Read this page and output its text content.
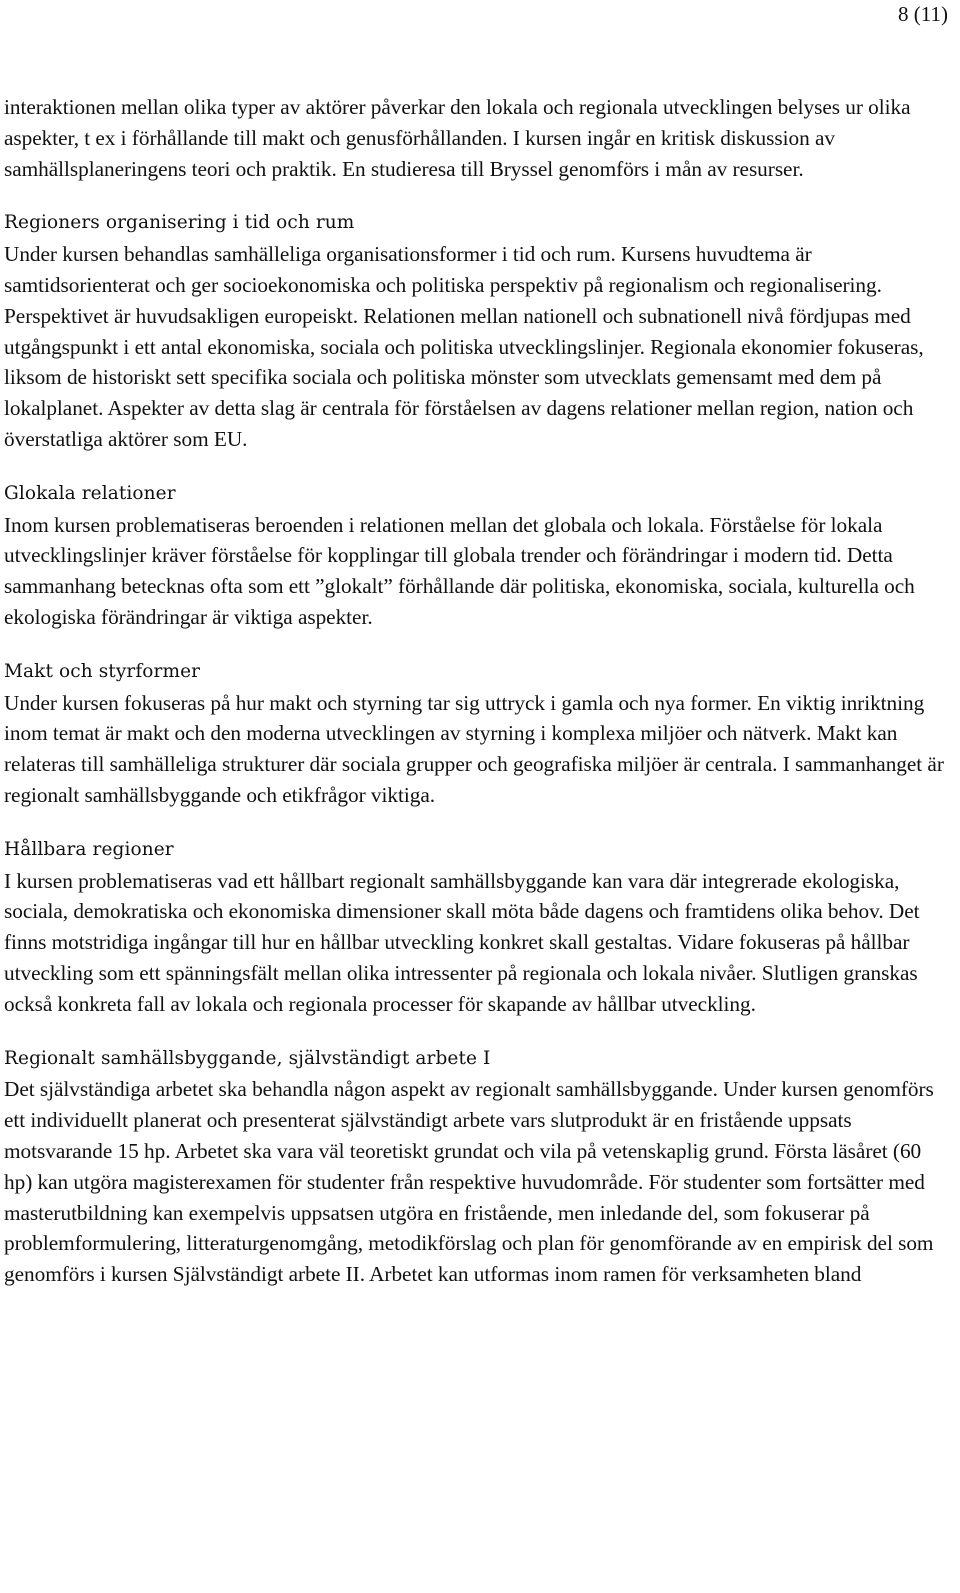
8 (11)

interaktionen mellan olika typer av aktörer påverkar den lokala och regionala utvecklingen belyses ur olika aspekter, t ex i förhållande till makt och genusförhållanden. I kursen ingår en kritisk diskussion av samhällsplaneringens teori och praktik. En studieresa till Bryssel genomförs i mån av resurser.

Regioners organisering i tid och rum

Under kursen behandlas samhälleliga organisationsformer i tid och rum. Kursens huvudtema är samtidsorienterat och ger socioekonomiska och politiska perspektiv på regionalism och regionalisering. Perspektivet är huvudsakligen europeiskt. Relationen mellan nationell och subnationell nivå fördjupas med utgångspunkt i ett antal ekonomiska, sociala och politiska utvecklingslinjer. Regionala ekonomier fokuseras, liksom de historiskt sett specifika sociala och politiska mönster som utvecklats gemensamt med dem på lokalplanet. Aspekter av detta slag är centrala för förståelsen av dagens relationer mellan region, nation och överstatliga aktörer som EU.

Glokala relationer

Inom kursen problematiseras beroenden i relationen mellan det globala och lokala. Förståelse för lokala utvecklingslinjer kräver förståelse för kopplingar till globala trender och förändringar i modern tid. Detta sammanhang betecknas ofta som ett ”glokalt” förhållande där politiska, ekonomiska, sociala, kulturella och ekologiska förändringar är viktiga aspekter.

Makt och styrformer

Under kursen fokuseras på hur makt och styrning tar sig uttryck i gamla och nya former. En viktig inriktning inom temat är makt och den moderna utvecklingen av styrning i komplexa miljöer och nätverk. Makt kan relateras till samhälleliga strukturer där sociala grupper och geografiska miljöer är centrala. I sammanhanget är regionalt samhällsbyggande och etikfrågor viktiga.

Hållbara regioner

I kursen problematiseras vad ett hållbart regionalt samhällsbyggande kan vara där integrerade ekologiska, sociala, demokratiska och ekonomiska dimensioner skall möta både dagens och framtidens olika behov. Det finns motstridiga ingångar till hur en hållbar utveckling konkret skall gestaltas. Vidare fokuseras på hållbar utveckling som ett spänningsfält mellan olika intressenter på regionala och lokala nivåer. Slutligen granskas också konkreta fall av lokala och regionala processer för skapande av hållbar utveckling.

Regionalt samhällsbyggande, självständigt arbete I

Det självständiga arbetet ska behandla någon aspekt av regionalt samhällsbyggande. Under kursen genomförs ett individuellt planerat och presenterat självständigt arbete vars slutprodukt är en fristående uppsats motsvarande 15 hp. Arbetet ska vara väl teoretiskt grundat och vila på vetenskaplig grund. Första läsåret (60 hp) kan utgöra magisterexamen för studenter från respektive huvudområde. För studenter som fortsätter med masterutbildning kan exempelvis uppsatsen utgöra en fristående, men inledande del, som fokuserar på problemformulering, litteraturgenomgång, metodikförslag och plan för genomförande av en empirisk del som genomförs i kursen Självständigt arbete II. Arbetet kan utformas inom ramen för verksamheten bland
